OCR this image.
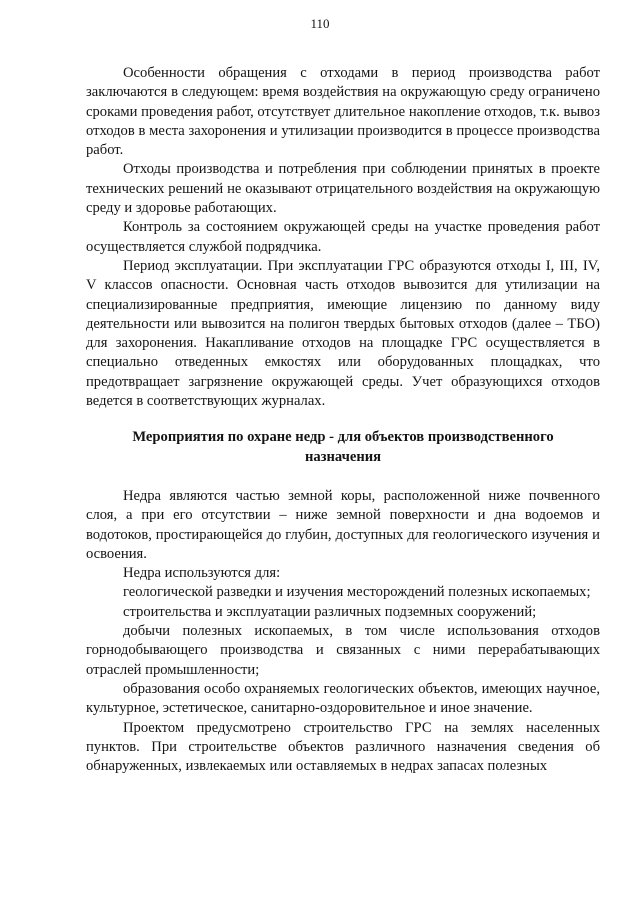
110

Особенности обращения с отходами в период производства работ заключаются в следующем: время воздействия на окружающую среду ограничено сроками проведения работ, отсутствует длительное накопление отходов, т.к. вывоз отходов в места захоронения и утилизации производится в процессе производства работ.

Отходы производства и потребления при соблюдении принятых в проекте технических решений не оказывают отрицательного воздействия на окружающую среду и здоровье работающих.

Контроль за состоянием окружающей среды на участке проведения работ осуществляется службой подрядчика.

Период эксплуатации. При эксплуатации ГРС образуются отходы I, III, IV, V классов опасности. Основная часть отходов вывозится для утилизации на специализированные предприятия, имеющие лицензию по данному виду деятельности или вывозится на полигон твердых бытовых отходов (далее – ТБО) для захоронения. Накапливание отходов на площадке ГРС осуществляется в специально отведенных емкостях или оборудованных площадках, что предотвращает загрязнение окружающей среды. Учет образующихся отходов ведется в соответствующих журналах.

Мероприятия по охране недр - для объектов производственного назначения

Недра являются частью земной коры, расположенной ниже почвенного слоя, а при его отсутствии – ниже земной поверхности и дна водоемов и водотоков, простирающейся до глубин, доступных для геологического изучения и освоения.

Недра используются для:

геологической разведки и изучения месторождений полезных ископаемых;

строительства и эксплуатации различных подземных сооружений;

добычи полезных ископаемых, в том числе использования отходов горнодобывающего производства и связанных с ними перерабатывающих отраслей промышленности;

образования особо охраняемых геологических объектов, имеющих научное, культурное, эстетическое, санитарно-оздоровительное и иное значение.

Проектом предусмотрено строительство ГРС на землях населенных пунктов. При строительстве объектов различного назначения сведения об обнаруженных, извлекаемых или оставляемых в недрах запасах полезных
